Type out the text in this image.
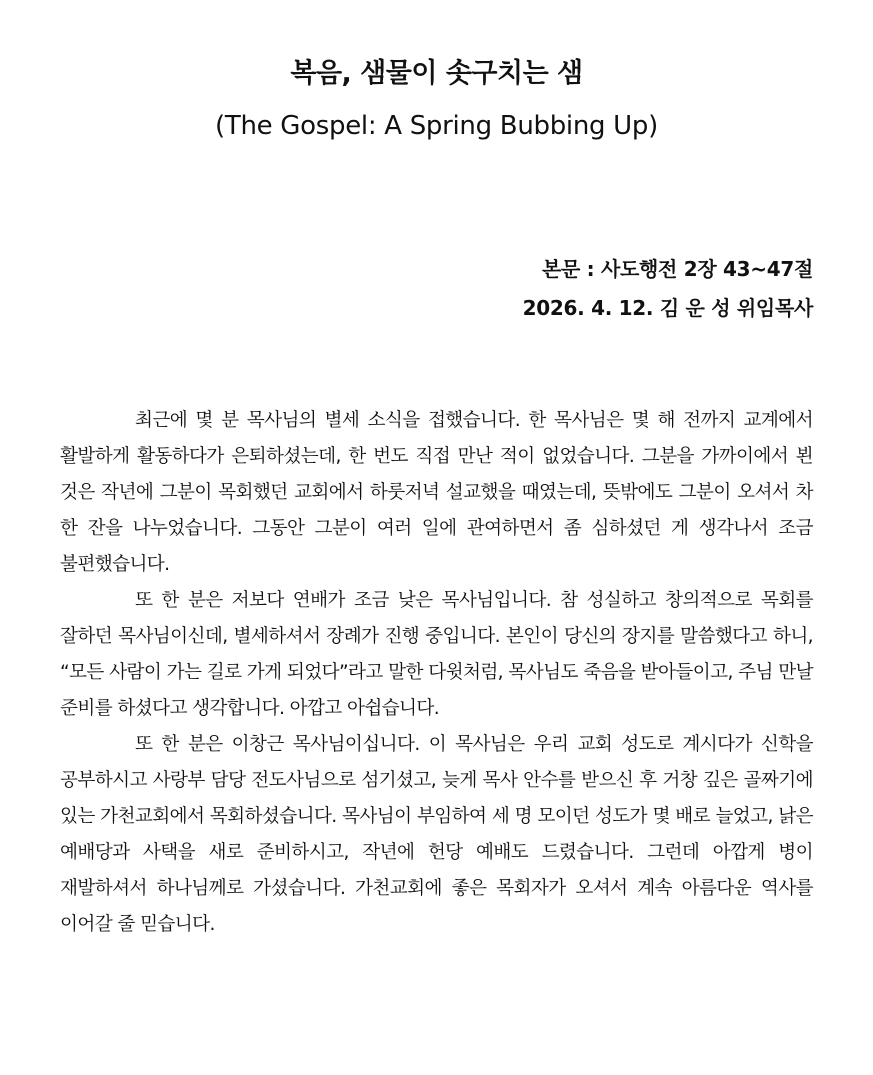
복음, 샘물이 솟구치는 샘
(The Gospel: A Spring Bubbing Up)
본문 : 사도행전 2장 43~47절
2026. 4. 12. 김 운 성 위임목사

최근에 몇 분 목사님의 별세 소식을 접했습니다. 한 목사님은 몇 해 전까지 교계에서 활발하게 활동하다가 은퇴하셨는데, 한 번도 직접 만난 적이 없었습니다. 그분을 가까이에서 뵌 것은 작년에 그분이 목회했던 교회에서 하룻저녁 설교했을 때였는데, 뜻밖에도 그분이 오셔서 차 한 잔을 나누었습니다. 그동안 그분이 여러 일에 관여하면서 좀 심하셨던 게 생각나서 조금 불편했습니다.

또 한 분은 저보다 연배가 조금 낮은 목사님입니다. 참 성실하고 창의적으로 목회를 잘하던 목사님이신데, 별세하셔서 장례가 진행 중입니다. 본인이 당신의 장지를 말씀했다고 하니, “모든 사람이 가는 길로 가게 되었다”라고 말한 다윗처럼, 목사님도 죽음을 받아들이고, 주님 만날 준비를 하셨다고 생각합니다. 아깝고 아쉽습니다.

또 한 분은 이창근 목사님이십니다. 이 목사님은 우리 교회 성도로 계시다가 신학을 공부하시고 사랑부 담당 전도사님으로 섬기셨고, 늦게 목사 안수를 받으신 후 거창 깊은 골짜기에 있는 가천교회에서 목회하셨습니다. 목사님이 부임하여 세 명 모이던 성도가 몇 배로 늘었고, 낡은 예배당과 사택을 새로 준비하시고, 작년에 헌당 예배도 드렸습니다. 그런데 아깝게 병이 재발하셔서 하나님께로 가셨습니다. 가천교회에 좋은 목회자가 오셔서 계속 아름다운 역사를 이어갈 줄 믿습니다.
